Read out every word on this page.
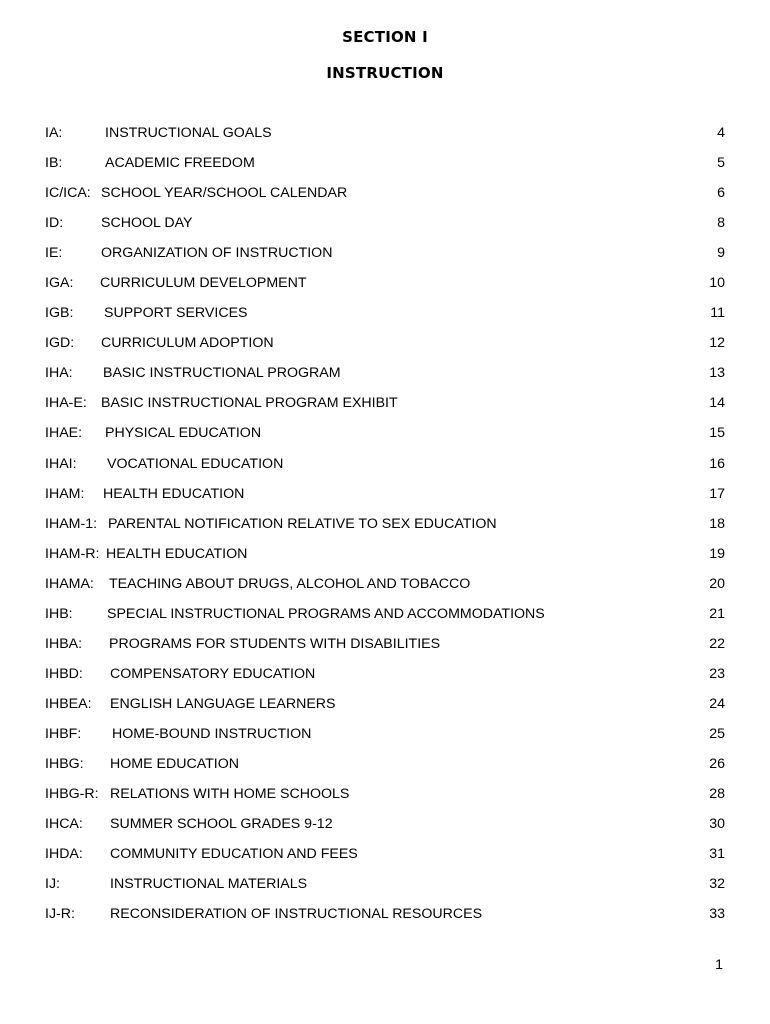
SECTION I
INSTRUCTION
IA:	INSTRUCTIONAL GOALS	4
IB:	ACADEMIC FREEDOM	5
IC/ICA: SCHOOL YEAR/SCHOOL CALENDAR	6
ID:	SCHOOL DAY	8
IE:	ORGANIZATION OF INSTRUCTION	9
IGA: CURRICULUM DEVELOPMENT	10
IGB: SUPPORT SERVICES	11
IGD: CURRICULUM ADOPTION	12
IHA: BASIC INSTRUCTIONAL PROGRAM	13
IHA-E: BASIC INSTRUCTIONAL PROGRAM EXHIBIT	14
IHAE: PHYSICAL EDUCATION	15
IHAI: VOCATIONAL EDUCATION	16
IHAM: HEALTH EDUCATION	17
IHAM-1: PARENTAL NOTIFICATION RELATIVE TO SEX EDUCATION	18
IHAM-R: HEALTH EDUCATION	19
IHAMA: TEACHING ABOUT DRUGS, ALCOHOL AND TOBACCO	20
IHB: SPECIAL INSTRUCTIONAL PROGRAMS AND ACCOMMODATIONS	21
IHBA: PROGRAMS FOR STUDENTS WITH DISABILITIES	22
IHBD: COMPENSATORY EDUCATION	23
IHBEA: ENGLISH LANGUAGE LEARNERS	24
IHBF: HOME-BOUND INSTRUCTION	25
IHBG: HOME EDUCATION	26
IHBG-R: RELATIONS WITH HOME SCHOOLS	28
IHCA: SUMMER SCHOOL GRADES 9-12	30
IHDA: COMMUNITY EDUCATION AND FEES	31
IJ:	INSTRUCTIONAL MATERIALS	32
IJ-R: RECONSIDERATION OF INSTRUCTIONAL RESOURCES	33
1
